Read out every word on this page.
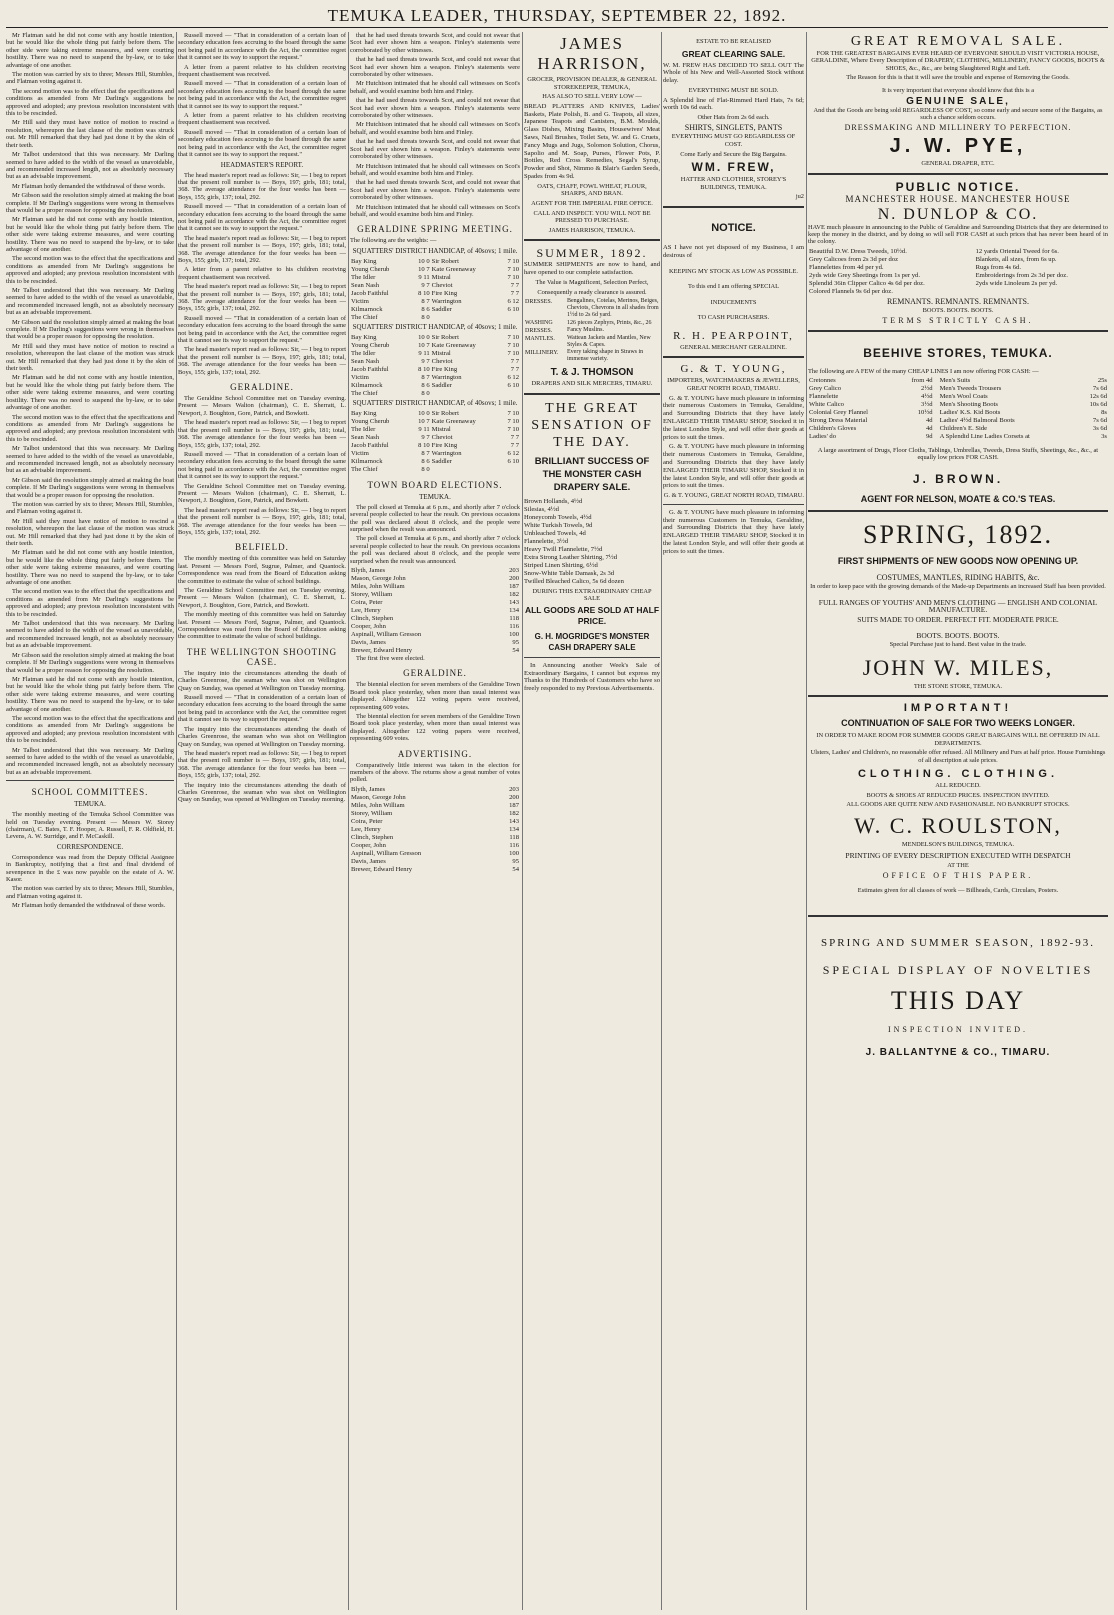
TEMUKA LEADER, THURSDAY, SEPTEMBER 22, 1892.

Mr Flatman said he did not come with any hostile intention, but he would like the whole thing put fairly before them. The other side were taking extreme measures, and were courting hostility. There was no need to suspend the by-law, or to take advantage of one another.

The motion was carried by six to three; Messrs Hill, Stumbles, and Flatman voting against it.

The second motion was to the effect that the specifications and conditions as amended from Mr Darling's suggestions be approved and adopted; any previous resolution inconsistent with this to be rescinded.

Mr Hill said they must have notice of motion to rescind a resolution, whereupon the last clause of the motion was struck out. Mr Hill remarked that they had just done it by the skin of their teeth.

Mr Talbot understood that this was necessary. Mr Darling seemed to have added to the width of the vessel as unavoidable, and recommended increased length, not as absolutely necessary but as an advisable improvement.

Mr Flatman hotly demanded the withdrawal of these words.

Mr Gibson said the resolution simply aimed at making the boat complete. If Mr Darling's suggestions were wrong in themselves that would be a proper reason for opposing the resolution.

Mr Flatman said he did not come with any hostile intention, but he would like the whole thing put fairly before them. The other side were taking extreme measures, and were courting hostility. There was no need to suspend the by-law, or to take advantage of one another.

The second motion was to the effect that the specifications and conditions as amended from Mr Darling's suggestions be approved and adopted; any previous resolution inconsistent with this to be rescinded.

Mr Talbot understood that this was necessary. Mr Darling seemed to have added to the width of the vessel as unavoidable, and recommended increased length, not as absolutely necessary but as an advisable improvement.

Mr Gibson said the resolution simply aimed at making the boat complete. If Mr Darling's suggestions were wrong in themselves that would be a proper reason for opposing the resolution.

Mr Hill said they must have notice of motion to rescind a resolution, whereupon the last clause of the motion was struck out. Mr Hill remarked that they had just done it by the skin of their teeth.

Mr Flatman said he did not come with any hostile intention, but he would like the whole thing put fairly before them. The other side were taking extreme measures, and were courting hostility. There was no need to suspend the by-law, or to take advantage of one another.

The second motion was to the effect that the specifications and conditions as amended from Mr Darling's suggestions be approved and adopted; any previous resolution inconsistent with this to be rescinded.

Mr Talbot understood that this was necessary. Mr Darling seemed to have added to the width of the vessel as unavoidable, and recommended increased length, not as absolutely necessary but as an advisable improvement.

Mr Gibson said the resolution simply aimed at making the boat complete. If Mr Darling's suggestions were wrong in themselves that would be a proper reason for opposing the resolution.

The motion was carried by six to three; Messrs Hill, Stumbles, and Flatman voting against it.

Mr Hill said they must have notice of motion to rescind a resolution, whereupon the last clause of the motion was struck out. Mr Hill remarked that they had just done it by the skin of their teeth.

Mr Flatman said he did not come with any hostile intention, but he would like the whole thing put fairly before them. The other side were taking extreme measures, and were courting hostility. There was no need to suspend the by-law, or to take advantage of one another.

The second motion was to the effect that the specifications and conditions as amended from Mr Darling's suggestions be approved and adopted; any previous resolution inconsistent with this to be rescinded.

Mr Talbot understood that this was necessary. Mr Darling seemed to have added to the width of the vessel as unavoidable, and recommended increased length, not as absolutely necessary but as an advisable improvement.

Mr Gibson said the resolution simply aimed at making the boat complete. If Mr Darling's suggestions were wrong in themselves that would be a proper reason for opposing the resolution.

Mr Flatman said he did not come with any hostile intention, but he would like the whole thing put fairly before them. The other side were taking extreme measures, and were courting hostility. There was no need to suspend the by-law, or to take advantage of one another.

The second motion was to the effect that the specifications and conditions as amended from Mr Darling's suggestions be approved and adopted; any previous resolution inconsistent with this to be rescinded.

Mr Talbot understood that this was necessary. Mr Darling seemed to have added to the width of the vessel as unavoidable, and recommended increased length, not as absolutely necessary but as an advisable improvement.

SCHOOL COMMITTEES.
TEMUKA.

The monthly meeting of the Temuka School Committee was held on Tuesday evening. Present — Messrs W. Storey (chairman), C. Bates, T. F. Hooper, A. Russell, F. R. Oldfield, H. Levens, A. W. Surridge, and F. McCaskill.

CORRESPONDENCE.

Correspondence was read from the Deputy Official Assignee in Bankruptcy, notifying that a first and final dividend of sevenpence in the £ was now payable on the estate of A. W. Kasor.

The motion was carried by six to three; Messrs Hill, Stumbles, and Flatman voting against it.

Mr Flatman hotly demanded the withdrawal of these words.

Russell moved — "That in consideration of a certain loan of secondary education fees accruing to the board through the same not being paid in accordance with the Act, the committee regret that it cannot see its way to support the request."

A letter from a parent relative to his children receiving frequent chastisement was received.

Russell moved — "That in consideration of a certain loan of secondary education fees accruing to the board through the same not being paid in accordance with the Act, the committee regret that it cannot see its way to support the request."

A letter from a parent relative to his children receiving frequent chastisement was received.

Russell moved — "That in consideration of a certain loan of secondary education fees accruing to the board through the same not being paid in accordance with the Act, the committee regret that it cannot see its way to support the request."

HEADMASTER'S REPORT.

The head master's report read as follows: Sir, — I beg to report that the present roll number is — Boys, 197; girls, 181; total, 368. The average attendance for the four weeks has been — Boys, 155; girls, 137; total, 292.

Russell moved — "That in consideration of a certain loan of secondary education fees accruing to the board through the same not being paid in accordance with the Act, the committee regret that it cannot see its way to support the request."

The head master's report read as follows: Sir, — I beg to report that the present roll number is — Boys, 197; girls, 181; total, 368. The average attendance for the four weeks has been — Boys, 155; girls, 137; total, 292.

A letter from a parent relative to his children receiving frequent chastisement was received.

The head master's report read as follows: Sir, — I beg to report that the present roll number is — Boys, 197; girls, 181; total, 368. The average attendance for the four weeks has been — Boys, 155; girls, 137; total, 292.

Russell moved — "That in consideration of a certain loan of secondary education fees accruing to the board through the same not being paid in accordance with the Act, the committee regret that it cannot see its way to support the request."

The head master's report read as follows: Sir, — I beg to report that the present roll number is — Boys, 197; girls, 181; total, 368. The average attendance for the four weeks has been — Boys, 155; girls, 137; total, 292.

GERALDINE.

The Geraldine School Committee met on Tuesday evening. Present — Messrs Walton (chairman), C. E. Sherratt, L. Newport, J. Boughton, Gore, Patrick, and Bowkett.

The head master's report read as follows: Sir, — I beg to report that the present roll number is — Boys, 197; girls, 181; total, 368. The average attendance for the four weeks has been — Boys, 155; girls, 137; total, 292.

Russell moved — "That in consideration of a certain loan of secondary education fees accruing to the board through the same not being paid in accordance with the Act, the committee regret that it cannot see its way to support the request."

The Geraldine School Committee met on Tuesday evening. Present — Messrs Walton (chairman), C. E. Sherratt, L. Newport, J. Boughton, Gore, Patrick, and Bowkett.

The head master's report read as follows: Sir, — I beg to report that the present roll number is — Boys, 197; girls, 181; total, 368. The average attendance for the four weeks has been — Boys, 155; girls, 137; total, 292.

BELFIELD.

The monthly meeting of this committee was held on Saturday last. Present — Messrs Ford, Sugrue, Palmer, and Quantock. Correspondence was read from the Board of Education asking the committee to estimate the value of school buildings.

The Geraldine School Committee met on Tuesday evening. Present — Messrs Walton (chairman), C. E. Sherratt, L. Newport, J. Boughton, Gore, Patrick, and Bowkett.

The monthly meeting of this committee was held on Saturday last. Present — Messrs Ford, Sugrue, Palmer, and Quantock. Correspondence was read from the Board of Education asking the committee to estimate the value of school buildings.

THE WELLINGTON SHOOTING CASE.

The inquiry into the circumstances attending the death of Charles Greenrose, the seaman who was shot on Wellington Quay on Sunday, was opened at Wellington on Tuesday morning.

Russell moved — "That in consideration of a certain loan of secondary education fees accruing to the board through the same not being paid in accordance with the Act, the committee regret that it cannot see its way to support the request."

The inquiry into the circumstances attending the death of Charles Greenrose, the seaman who was shot on Wellington Quay on Sunday, was opened at Wellington on Tuesday morning.

The head master's report read as follows: Sir, — I beg to report that the present roll number is — Boys, 197; girls, 181; total, 368. The average attendance for the four weeks has been — Boys, 155; girls, 137; total, 292.

The inquiry into the circumstances attending the death of Charles Greenrose, the seaman who was shot on Wellington Quay on Sunday, was opened at Wellington on Tuesday morning.

that he had used threats towards Scot, and could not swear that Scot had ever shown him a weapon. Finley's statements were corroborated by other witnesses.

that he had used threats towards Scot, and could not swear that Scot had ever shown him a weapon. Finley's statements were corroborated by other witnesses.

Mr Hutchison intimated that he should call witnesses on Scot's behalf, and would examine both him and Finley.

that he had used threats towards Scot, and could not swear that Scot had ever shown him a weapon. Finley's statements were corroborated by other witnesses.

Mr Hutchison intimated that he should call witnesses on Scot's behalf, and would examine both him and Finley.

that he had used threats towards Scot, and could not swear that Scot had ever shown him a weapon. Finley's statements were corroborated by other witnesses.

Mr Hutchison intimated that he should call witnesses on Scot's behalf, and would examine both him and Finley.

that he had used threats towards Scot, and could not swear that Scot had ever shown him a weapon. Finley's statements were corroborated by other witnesses.

Mr Hutchison intimated that he should call witnesses on Scot's behalf, and would examine both him and Finley.

GERALDINE SPRING MEETING.

The following are the weights: —

SQUATTERS' DISTRICT HANDICAP, of 40sovs; 1 mile.
Bay King	10 0	Sir Robert	7 10
Young Cherub	10 7	Kate Greenaway	7 10
The Idler	9 11	Mistral	7 10
Sean Nash	9 7	Cheviot	7 7
Jacob Faithful	8 10	Fire King	7 7
Victim	8 7	Warrington	6 12
Kilmarnock	8 6	Saddler	6 10
The Chief	8 0		
SQUATTERS' DISTRICT HANDICAP, of 40sovs; 1 mile.
Bay King	10 0	Sir Robert	7 10
Young Cherub	10 7	Kate Greenaway	7 10
The Idler	9 11	Mistral	7 10
Sean Nash	9 7	Cheviot	7 7
Jacob Faithful	8 10	Fire King	7 7
Victim	8 7	Warrington	6 12
Kilmarnock	8 6	Saddler	6 10
The Chief	8 0		
SQUATTERS' DISTRICT HANDICAP, of 40sovs; 1 mile.
Bay King	10 0	Sir Robert	7 10
Young Cherub	10 7	Kate Greenaway	7 10
The Idler	9 11	Mistral	7 10
Sean Nash	9 7	Cheviot	7 7
Jacob Faithful	8 10	Fire King	7 7
Victim	8 7	Warrington	6 12
Kilmarnock	8 6	Saddler	6 10
The Chief	8 0		
TOWN BOARD ELECTIONS.
TEMUKA.

The poll closed at Temuka at 6 p.m., and shortly after 7 o'clock several people collected to hear the result. On previous occasions the poll was declared about 8 o'clock, and the people were surprised when the result was announced.

The poll closed at Temuka at 6 p.m., and shortly after 7 o'clock several people collected to hear the result. On previous occasions the poll was declared about 8 o'clock, and the people were surprised when the result was announced.

Blyth, James	203
Mason, George John	200
Miles, John William	187
Storey, William	182
Coira, Peter	143
Lee, Henry	134
Clinch, Stephen	118
Cooper, John	116
Aspinall, William Gresson	100
Davis, James	95
Brewer, Edward Henry	54

The first five were elected.

GERALDINE.

The biennial election for seven members of the Geraldine Town Board took place yesterday, when more than usual interest was displayed. Altogether 122 voting papers were received, representing 609 votes.

The biennial election for seven members of the Geraldine Town Board took place yesterday, when more than usual interest was displayed. Altogether 122 voting papers were received, representing 609 votes.

ADVERTISING.

Comparatively little interest was taken in the election for members of the above. The returns show a great number of votes polled.

Blyth, James	203
Mason, George John	200
Miles, John William	187
Storey, William	182
Coira, Peter	143
Lee, Henry	134
Clinch, Stephen	118
Cooper, John	116
Aspinall, William Gresson	100
Davis, James	95
Brewer, Edward Henry	54
JAMES HARRISON,
GROCER, PROVISION DEALER, & GENERAL STOREKEEPER, TEMUKA,
HAS ALSO TO SELL VERY LOW —

BREAD PLATTERS AND KNIVES, Ladies' Baskets, Plate Polish, B. and G. Teapots, all sizes, Japanese Teapots and Canisters, B.M. Moulds, Glass Dishes, Mixing Basins, Housewives' Meat Saws, Nail Brushes, Toilet Sets, W. and G. Cruets, Fancy Mugs and Jugs, Solomon Solution, Chorus, Sapolio and M. Soap, Purses, Flower Pots, P. Bottles, Red Cross Remedies, Segal's Syrup, Powder and Shot, Nimmo & Blair's Garden Seeds, Spades from 4s 9d.

OATS, CHAFF, FOWL WHEAT, FLOUR, SHARPS, AND BRAN.
AGENT FOR THE IMPERIAL FIRE OFFICE.
CALL AND INSPECT. YOU WILL NOT BE PRESSED TO PURCHASE.
JAMES HARRISON, TEMUKA.
SUMMER, 1892.

SUMMER SHIPMENTS are now to hand, and have opened to our complete satisfaction.

The Value is Magnificent, Selection Perfect,
Consequently a ready clearance is assured.
DRESSES.	Bengalines, Cotelas, Merinos, Beiges, Cheviots, Chevrons in all shades from 1½d to 2s 6d yard.
WASHING DRESSES.	126 pieces Zephyrs, Prints, &c., 26 Fancy Muslins.
MANTLES.	Wattean Jackets and Mantles, New Styles & Capes.
MILLINERY.	Every taking shape in Straws in immense variety.
T. & J. THOMSON
DRAPERS AND SILK MERCERS, TIMARU.
THE GREAT SENSATION OF THE DAY.
BRILLIANT SUCCESS OF THE MONSTER CASH DRAPERY SALE.
Brown Hollands, 4½d
Silesias, 4½d
Honeycomb Towels, 4½d
White Turkish Towels, 9d
Unbleached Towels, 4d
Flannelette, 3½d
Heavy Twill Flannelette, 7½d
Extra Strong Leather Shirting, 7½d
Striped Linen Shirting, 6½d
Snow-White Table Damask, 2s 3d
Twilled Bleached Calico, 5s 6d dozen
DURING THIS EXTRAORDINARY CHEAP SALE
ALL GOODS ARE SOLD AT HALF PRICE.
G. H. MOGRIDGE'S MONSTER CASH DRAPERY SALE

In Announcing another Week's Sale of Extraordinary Bargains, I cannot but express my Thanks to the Hundreds of Customers who have so freely responded to my Previous Advertisements.

ESTATE TO BE REALISED
GREAT CLEARING SALE.

W. M. FREW HAS DECIDED TO SELL OUT The Whole of his New and Well-Assorted Stock without delay.

EVERYTHING MUST BE SOLD.

A Splendid line of Flat-Rimmed Hard Hats, 7s 6d; worth 10s 6d each.

Other Hats from 2s 6d each.
SHIRTS, SINGLETS, PANTS
EVERYTHING MUST GO REGARDLESS OF COST.
Come Early and Secure the Big Bargains.
WM. FREW,
HATTER AND CLOTHIER, STOREY'S BUILDINGS, TEMUKA.
ju2
NOTICE.

AS I have not yet disposed of my Business, I am desirous of

KEEPING MY STOCK AS LOW AS POSSIBLE.
To this end I am offering SPECIAL
INDUCEMENTS
TO CASH PURCHASERS.
R. H. PEARPOINT,
GENERAL MERCHANT GERALDINE.
G. & T. YOUNG,
IMPORTERS, WATCHMAKERS & JEWELLERS, GREAT NORTH ROAD, TIMARU.

G. & T. YOUNG have much pleasure in informing their numerous Customers in Temuka, Geraldine, and Surrounding Districts that they have lately ENLARGED THEIR TIMARU SHOP, Stocked it in the latest London Style, and will offer their goods at prices to suit the times.

G. & T. YOUNG have much pleasure in informing their numerous Customers in Temuka, Geraldine, and Surrounding Districts that they have lately ENLARGED THEIR TIMARU SHOP, Stocked it in the latest London Style, and will offer their goods at prices to suit the times.

G. & T. YOUNG, GREAT NORTH ROAD, TIMARU.

G. & T. YOUNG have much pleasure in informing their numerous Customers in Temuka, Geraldine, and Surrounding Districts that they have lately ENLARGED THEIR TIMARU SHOP, Stocked it in the latest London Style, and will offer their goods at prices to suit the times.

GREAT REMOVAL SALE.

FOR THE GREATEST BARGAINS EVER HEARD OF EVERYONE SHOULD VISIT VICTORIA HOUSE, GERALDINE, Where Every Description of DRAPERY, CLOTHING, MILLINERY, FANCY GOODS, BOOTS & SHOES, &c., &c., are being Slaughtered Right and Left.

The Reason for this is that it will save the trouble and expense of Removing the Goods.

It is very important that everyone should know that this is a

GENUINE SALE,

And that the Goods are being sold REGARDLESS OF COST, so come early and secure some of the Bargains, as such a chance seldom occurs.

DRESSMAKING AND MILLINERY TO PERFECTION.
J. W. PYE,
GENERAL DRAPER, ETC.
PUBLIC NOTICE.
MANCHESTER HOUSE. MANCHESTER HOUSE
N. DUNLOP & CO.

HAVE much pleasure in announcing to the Public of Geraldine and Surrounding Districts that they are determined to keep the money in the district, and by doing so will sell FOR CASH at such prices that has never been heard of in the colony.

Beautiful D.W. Dress Tweeds, 10½d.	12 yards Oriental Tweed for 6s.
Grey Calicoes from 2s 3d per doz	Blankets, all sizes, from 6s up.
Flannelettes from 4d per yd.	Rugs from 4s 6d.
2yds wide Grey Sheetings from 1s per yd.	Embroiderings from 2s 3d per doz.
Splendid 36in Clipper Calico 4s 6d per doz.	2yds wide Linoleum 2s per yd.
Colored Flannels 9s 6d per doz.	
REMNANTS. REMNANTS. REMNANTS.
BOOTS. BOOTS. BOOTS.
TERMS STRICTLY CASH.
BEEHIVE STORES, TEMUKA.

The following are A FEW of the many CHEAP LINES I am now offering FOR CASH: —

Cretonnes	from 4d	Men's Suits	25s
Grey Calico	2½d	Men's Tweeds Trousers	7s 6d
Flannelette	4½d	Men's Wool Coats	12s 6d
White Calico	3½d	Men's Shooting Boots	10s 6d
Colonial Grey Flannel	10½d	Ladies' K.S. Kid Boots	8s
Strong Dress Material	4d	Ladies' 4½d Balmoral Boots	7s 6d
Children's Gloves	4d	Children's E. Side	3s 6d
Ladies' do	9d	A Splendid Line Ladies Corsets at	3s

A large assortment of Drugs, Floor Cloths, Tablings, Umbrellas, Tweeds, Dress Stuffs, Sheetings, &c., &c., at equally low prices FOR CASH.

J. BROWN.
AGENT FOR NELSON, MOATE & CO.'S TEAS.
SPRING, 1892.
FIRST SHIPMENTS OF NEW GOODS NOW OPENING UP.
COSTUMES, MANTLES, RIDING HABITS, &c.

In order to keep pace with the growing demands of the Made-up Departments an increased Staff has been provided.

FULL RANGES OF YOUTHS' AND MEN'S CLOTHING — ENGLISH AND COLONIAL MANUFACTURE.
SUITS MADE TO ORDER. PERFECT FIT. MODERATE PRICE.
BOOTS. BOOTS. BOOTS.
Special Purchase just to hand. Best value in the trade.
JOHN W. MILES,
THE STONE STORE, TEMUKA.
IMPORTANT!
CONTINUATION OF SALE FOR TWO WEEKS LONGER.

IN ORDER TO MAKE ROOM FOR SUMMER GOODS GREAT BARGAINS WILL BE OFFERED IN ALL DEPARTMENTS.

Ulsters, Ladies' and Children's, no reasonable offer refused. All Millinery and Furs at half price. House Furnishings of all description at sale prices.

CLOTHING. CLOTHING.
ALL REDUCED.
BOOTS & SHOES AT REDUCED PRICES. INSPECTION INVITED.
ALL GOODS ARE QUITE NEW AND FASHIONABLE. NO BANKRUPT STOCKS.
W. C. ROULSTON,
MENDELSON'S BUILDINGS, TEMUKA.
PRINTING OF EVERY DESCRIPTION EXECUTED WITH DESPATCH
AT THE
OFFICE OF THIS PAPER.
Estimates given for all classes of work — Billheads, Cards, Circulars, Posters.
SPRING AND SUMMER SEASON, 1892-93.
SPECIAL DISPLAY OF NOVELTIES
THIS DAY
INSPECTION INVITED.
J. BALLANTYNE & CO., TIMARU.
